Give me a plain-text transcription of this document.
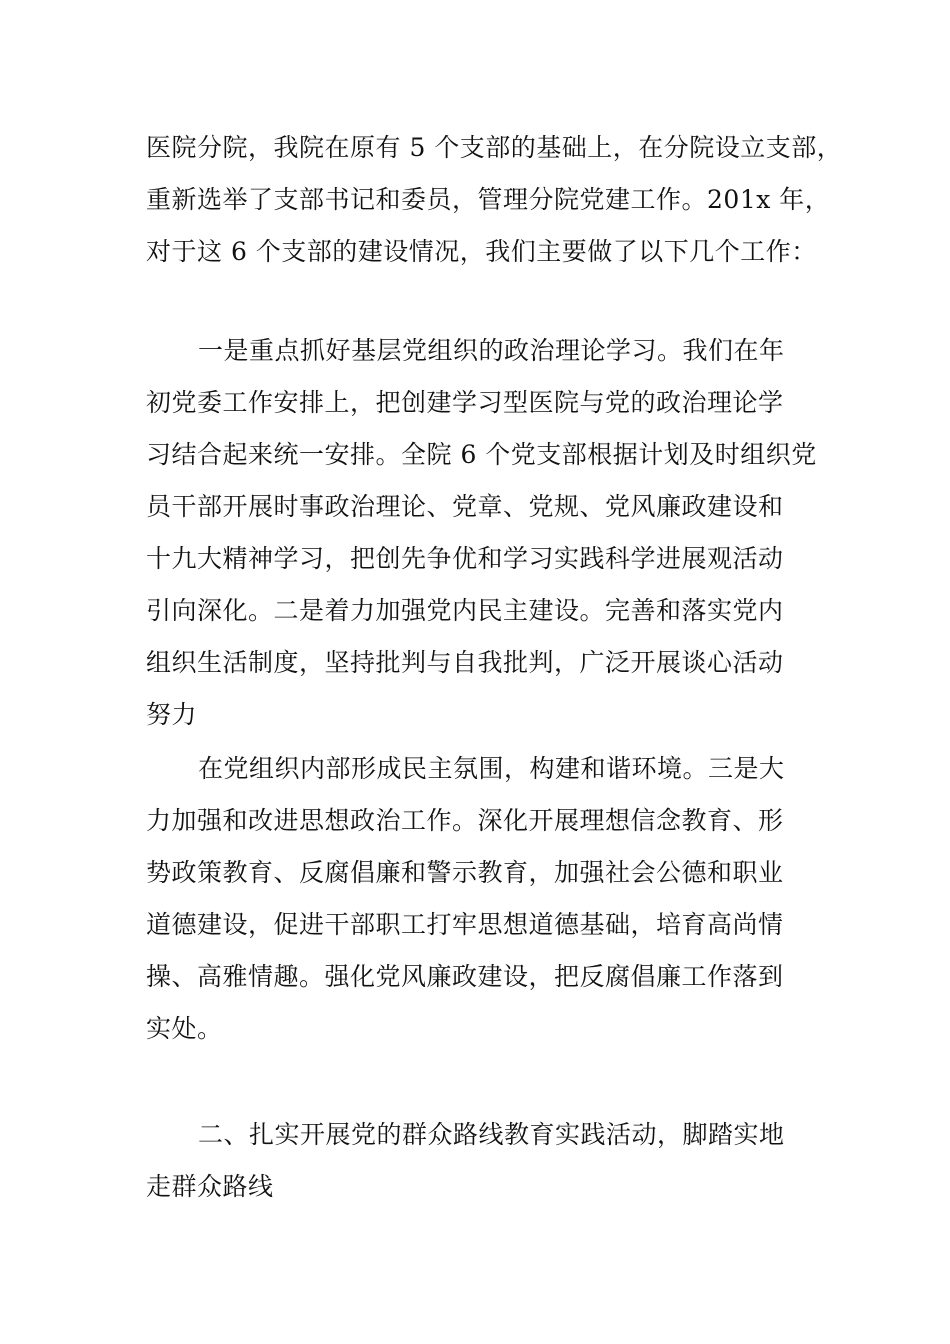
医院分院，我院在原有 5 个支部的基础上，在分院设立支部，
重新选举了支部书记和委员，管理分院党建工作。201x 年，
对于这 6 个支部的建设情况，我们主要做了以下几个工作：
一是重点抓好基层党组织的政治理论学习。我们在年
初党委工作安排上，把创建学习型医院与党的政治理论学
习结合起来统一安排。全院 6 个党支部根据计划及时组织党
员干部开展时事政治理论、党章、党规、党风廉政建设和
十九大精神学习，把创先争优和学习实践科学进展观活动
引向深化。二是着力加强党内民主建设。完善和落实党内
组织生活制度，坚持批判与自我批判，广泛开展谈心活动
努力
在党组织内部形成民主氛围，构建和谐环境。三是大
力加强和改进思想政治工作。深化开展理想信念教育、形
势政策教育、反腐倡廉和警示教育，加强社会公德和职业
道德建设，促进干部职工打牢思想道德基础，培育高尚情
操、高雅情趣。强化党风廉政建设，把反腐倡廉工作落到
实处。
二、扎实开展党的群众路线教育实践活动，脚踏实地
走群众路线
